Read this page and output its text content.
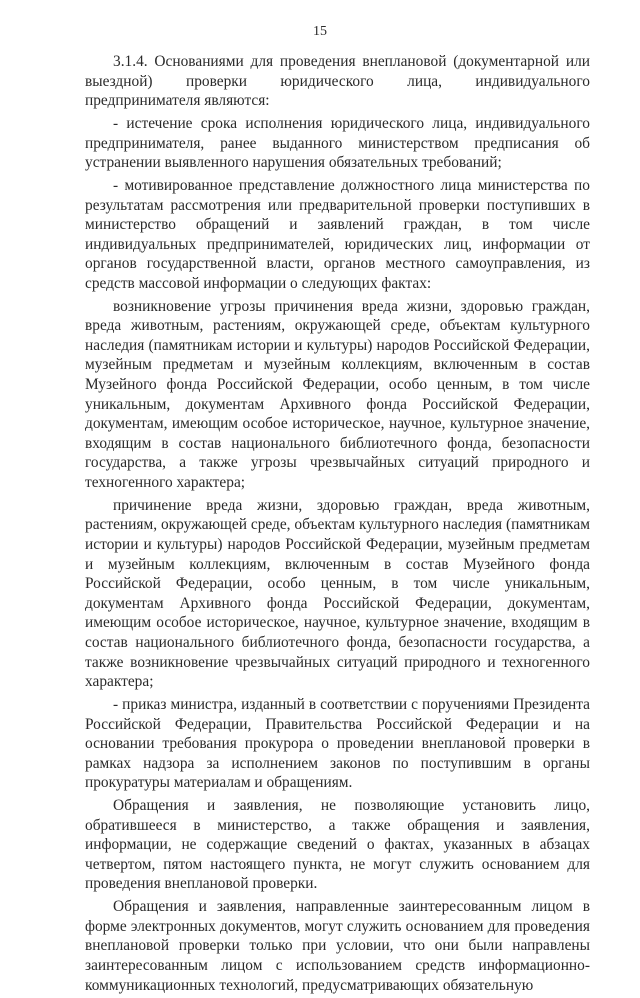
15

3.1.4. Основаниями для проведения внеплановой (документарной или выездной) проверки юридического лица, индивидуального предпринимателя являются:

- истечение срока исполнения юридического лица, индивидуального предпринимателя, ранее выданного министерством предписания об устранении выявленного нарушения обязательных требований;

- мотивированное представление должностного лица министерства по результатам рассмотрения или предварительной проверки поступивших в министерство обращений и заявлений граждан, в том числе индивидуальных предпринимателей, юридических лиц, информации от органов государственной власти, органов местного самоуправления, из средств массовой информации о следующих фактах:

возникновение угрозы причинения вреда жизни, здоровью граждан, вреда животным, растениям, окружающей среде, объектам культурного наследия (памятникам истории и культуры) народов Российской Федерации, музейным предметам и музейным коллекциям, включенным в состав Музейного фонда Российской Федерации, особо ценным, в том числе уникальным, документам Архивного фонда Российской Федерации, документам, имеющим особое историческое, научное, культурное значение, входящим в состав национального библиотечного фонда, безопасности государства, а также угрозы чрезвычайных ситуаций природного и техногенного характера;

причинение вреда жизни, здоровью граждан, вреда животным, растениям, окружающей среде, объектам культурного наследия (памятникам истории и культуры) народов Российской Федерации, музейным предметам и музейным коллекциям, включенным в состав Музейного фонда Российской Федерации, особо ценным, в том числе уникальным, документам Архивного фонда Российской Федерации, документам, имеющим особое историческое, научное, культурное значение, входящим в состав национального библиотечного фонда, безопасности государства, а также возникновение чрезвычайных ситуаций природного и техногенного характера;

- приказ министра, изданный в соответствии с поручениями Президента Российской Федерации, Правительства Российской Федерации и на основании требования прокурора о проведении внеплановой проверки в рамках надзора за исполнением законов по поступившим в органы прокуратуры материалам и обращениям.

Обращения и заявления, не позволяющие установить лицо, обратившееся в министерство, а также обращения и заявления, информации, не содержащие сведений о фактах, указанных в абзацах четвертом, пятом настоящего пункта, не могут служить основанием для проведения внеплановой проверки.

Обращения и заявления, направленные заинтересованным лицом в форме электронных документов, могут служить основанием для проведения внеплановой проверки только при условии, что они были направлены заинтересованным лицом с использованием средств информационно-коммуникационных технологий, предусматривающих обязательную
